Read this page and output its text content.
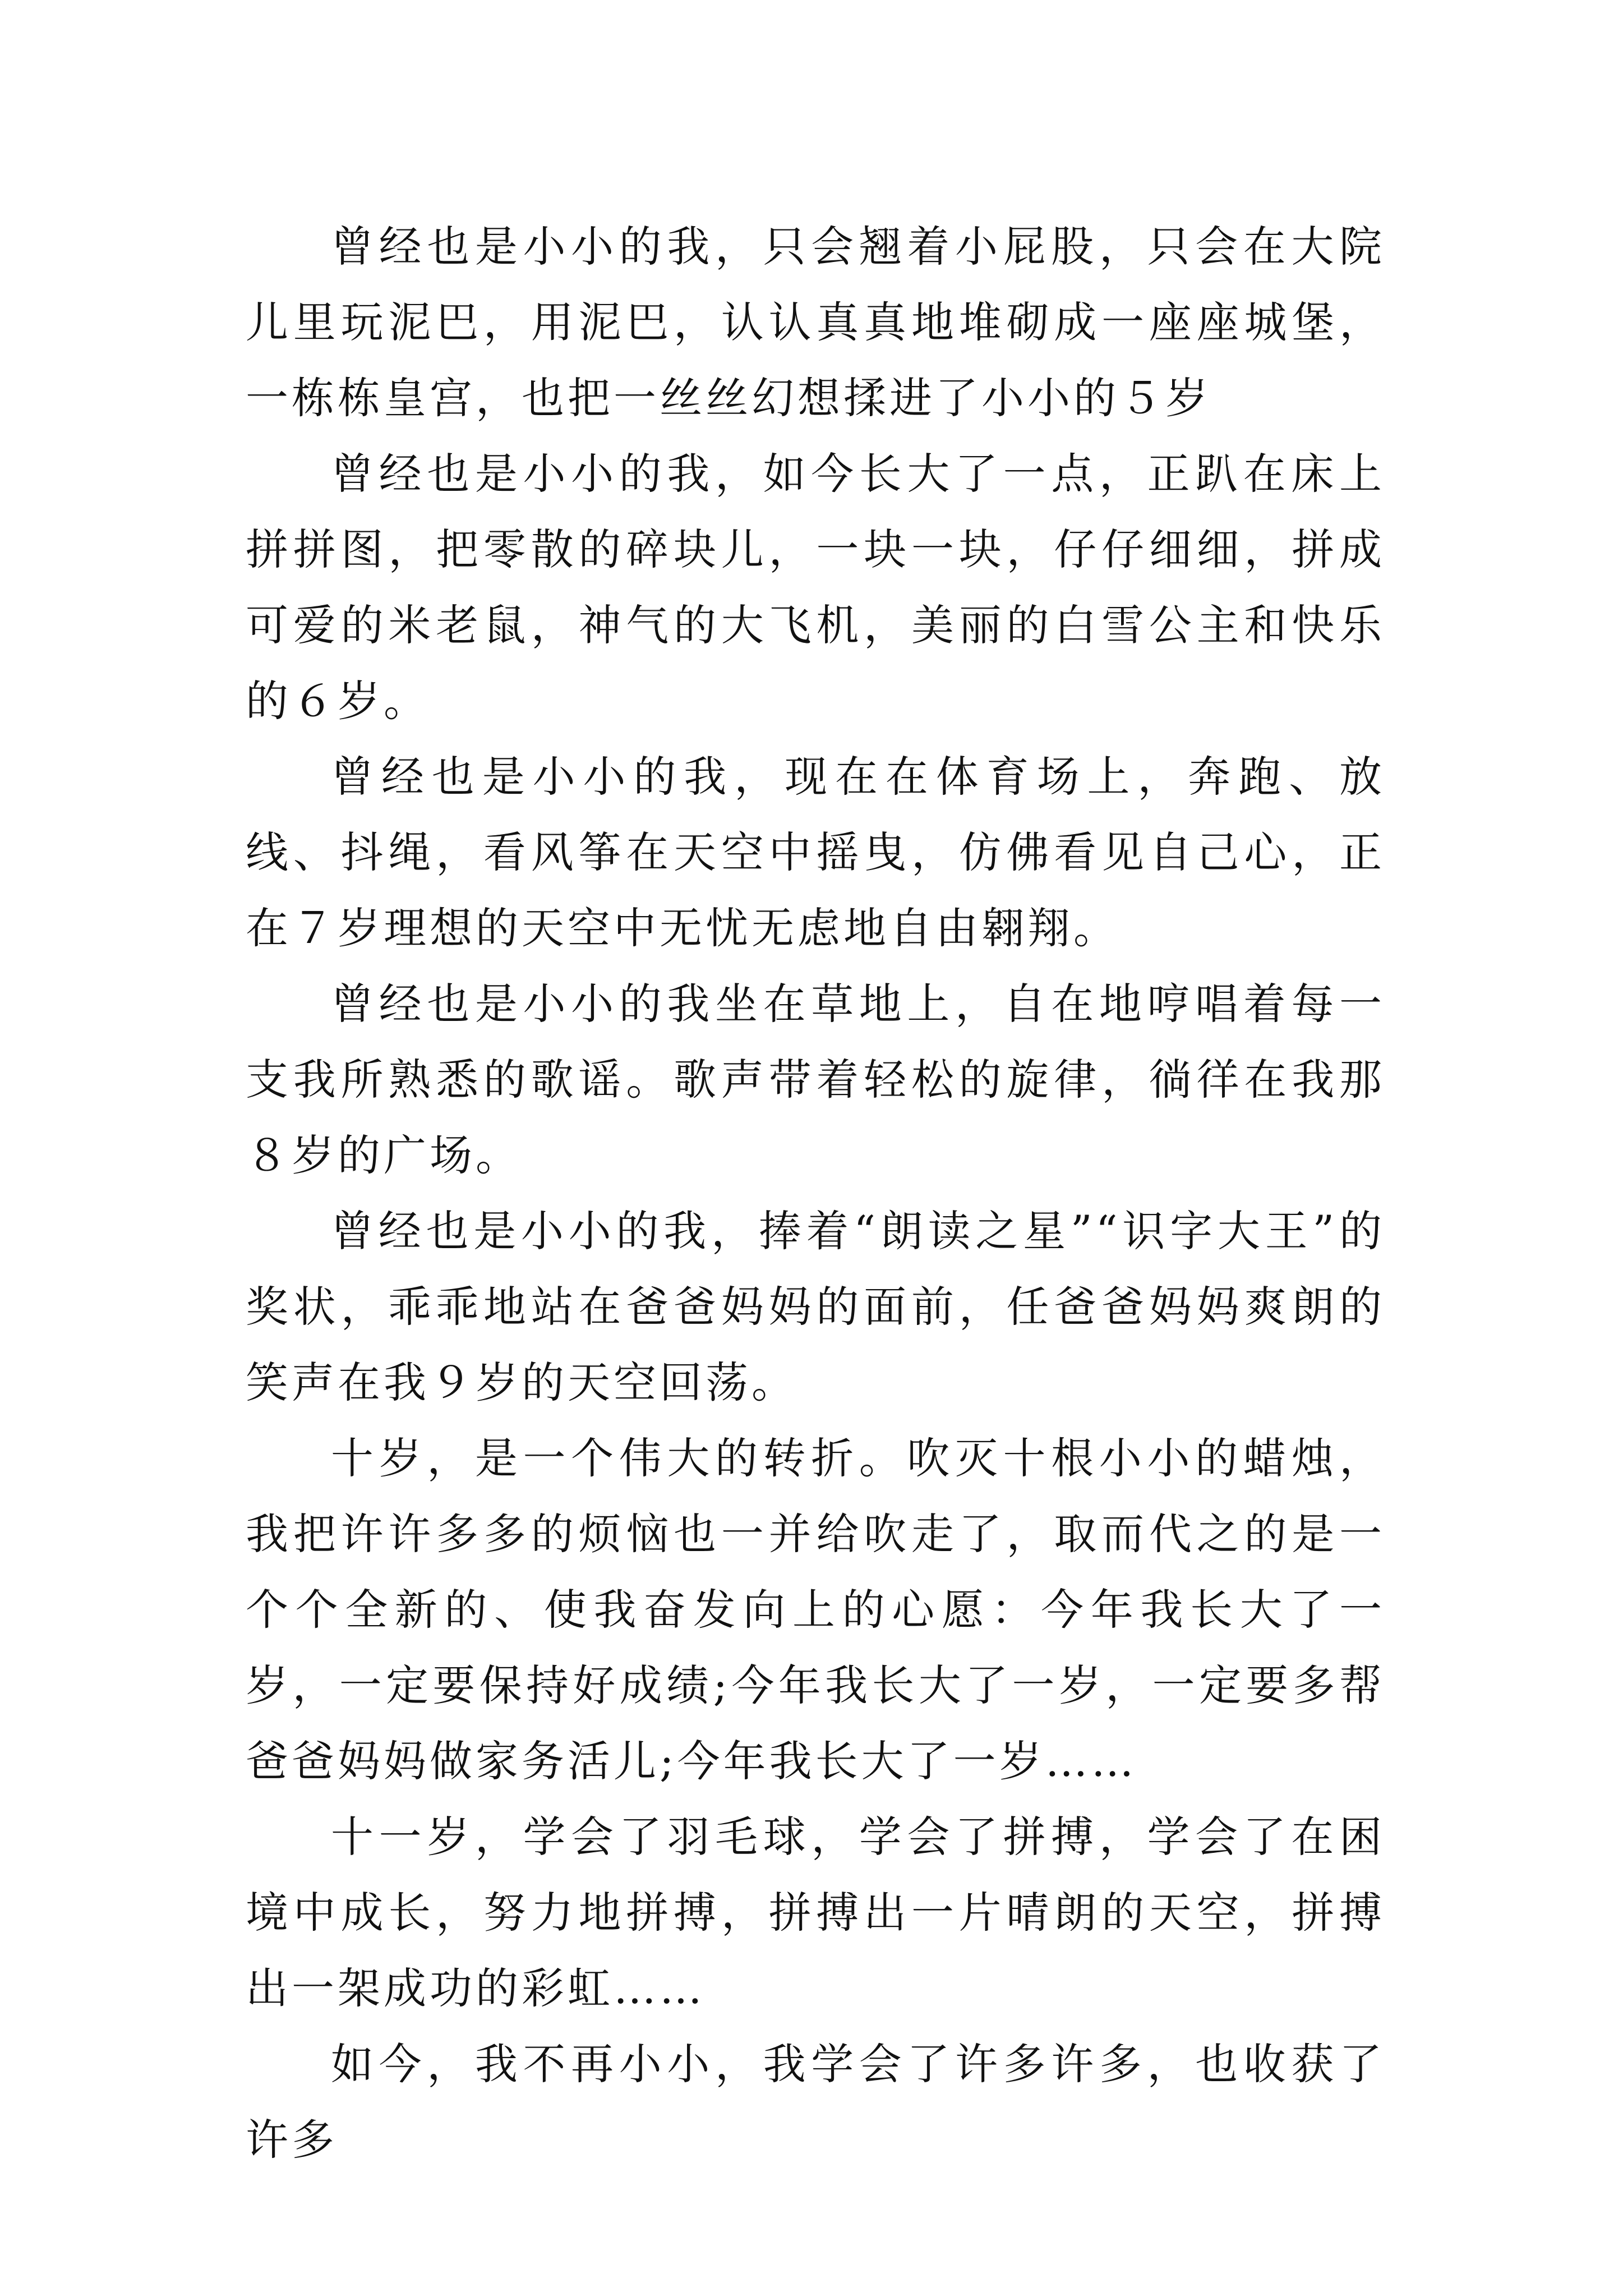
曾经也是小小的我，只会翘着小屁股，只会在大院儿里玩泥巴，用泥巴，认认真真地堆砌成一座座城堡，一栋栋皇宫，也把一丝丝幻想揉进了小小的５岁

曾经也是小小的我，如今长大了一点，正趴在床上拼拼图，把零散的碎块儿，一块一块，仔仔细细，拼成可爱的米老鼠，神气的大飞机，美丽的白雪公主和快乐的６岁。

曾经也是小小的我，现在在体育场上，奔跑、放线、抖绳，看风筝在天空中摇曳，仿佛看见自己心，正在７岁理想的天空中无忧无虑地自由翱翔。

曾经也是小小的我坐在草地上，自在地哼唱着每一支我所熟悉的歌谣。歌声带着轻松的旋律，徜徉在我那８岁的广场。

曾经也是小小的我，捧着“朗读之星”“识字大王”的奖状，乖乖地站在爸爸妈妈的面前，任爸爸妈妈爽朗的笑声在我９岁的天空回荡。

十岁，是一个伟大的转折。吹灭十根小小的蜡烛，我把许许多多的烦恼也一并给吹走了，取而代之的是一个个全新的、使我奋发向上的心愿：今年我长大了一岁，一定要保持好成绩;今年我长大了一岁，一定要多帮爸爸妈妈做家务活儿;今年我长大了一岁……

十一岁，学会了羽毛球，学会了拼搏，学会了在困境中成长，努力地拼搏，拼搏出一片晴朗的天空，拼搏出一架成功的彩虹……

如今，我不再小小，我学会了许多许多，也收获了许多
